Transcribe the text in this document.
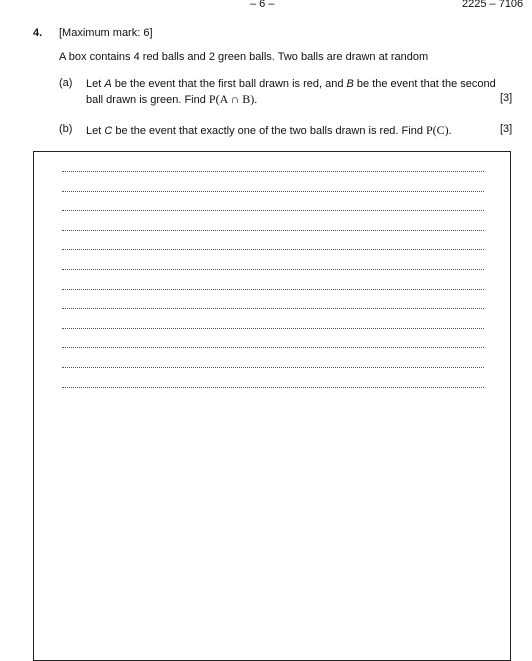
– 6 –	2225 – 7106
4. [Maximum mark: 6]
A box contains 4 red balls and 2 green balls. Two balls are drawn at random
(a) Let A be the event that the first ball drawn is red, and B be the event that the second
ball drawn is green. Find P(A ∩ B).	[3]
(b) Let C be the event that exactly one of the two balls drawn is red. Find P(C).	[3]
